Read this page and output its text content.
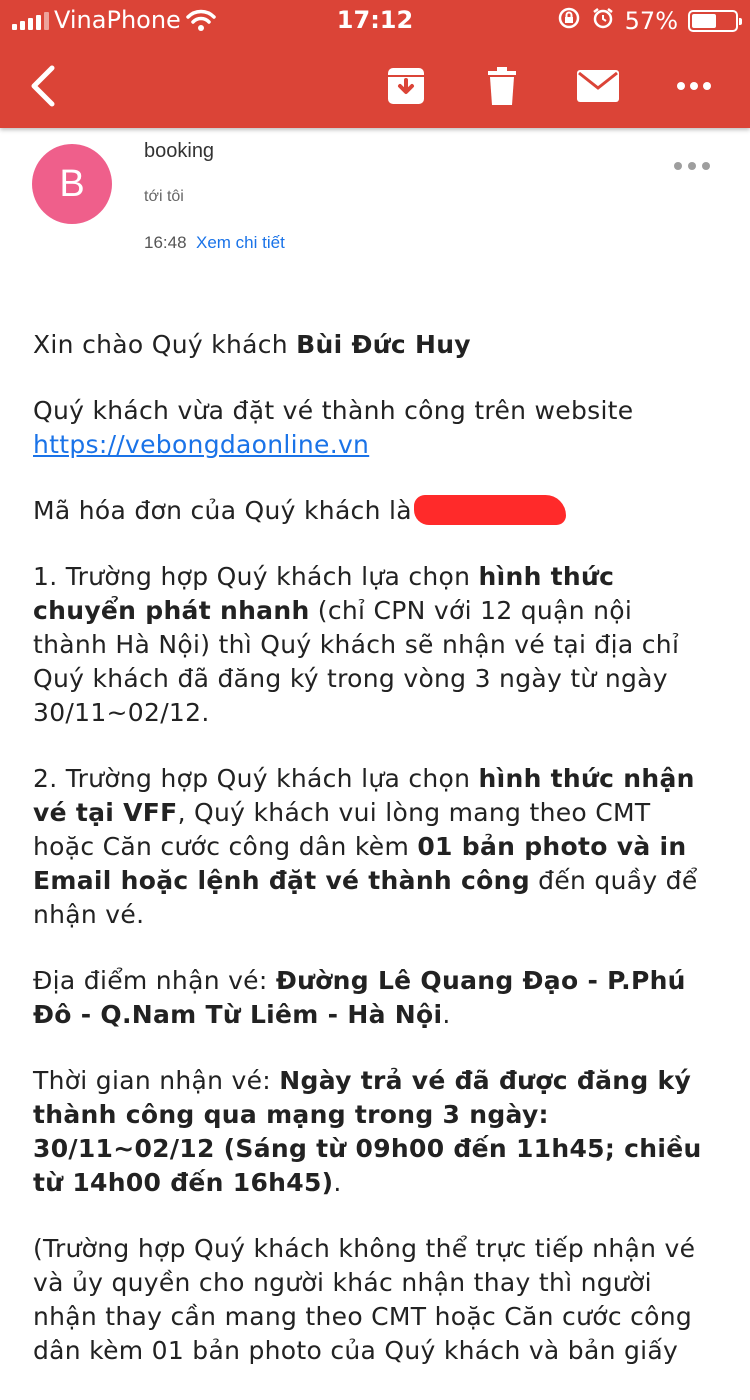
VinaPhone	17:12	57%
B
booking
tới tôi
16:48 Xem chi tiết

Xin chào Quý khách Bùi Đức Huy

Quý khách vừa đặt vé thành công trên website https://vebongdaonline.vn

Mã hóa đơn của Quý khách là

1. Trường hợp Quý khách lựa chọn hình thức chuyển phát nhanh (chỉ CPN với 12 quận nội thành Hà Nội) thì Quý khách sẽ nhận vé tại địa chỉ Quý khách đã đăng ký trong vòng 3 ngày từ ngày 30/11~02/12.

2. Trường hợp Quý khách lựa chọn hình thức nhận vé tại VFF, Quý khách vui lòng mang theo CMT hoặc Căn cước công dân kèm 01 bản photo và in Email hoặc lệnh đặt vé thành công đến quầy để nhận vé.

Địa điểm nhận vé: Đường Lê Quang Đạo - P.Phú Đô - Q.Nam Từ Liêm - Hà Nội.

Thời gian nhận vé: Ngày trả vé đã được đăng ký thành công qua mạng trong 3 ngày: 30/11~02/12 (Sáng từ 09h00 đến 11h45; chiều từ 14h00 đến 16h45).

(Trường hợp Quý khách không thể trực tiếp nhận vé và ủy quyền cho người khác nhận thay thì người nhận thay cần mang theo CMT hoặc Căn cước công dân kèm 01 bản photo của Quý khách và bản giấy
